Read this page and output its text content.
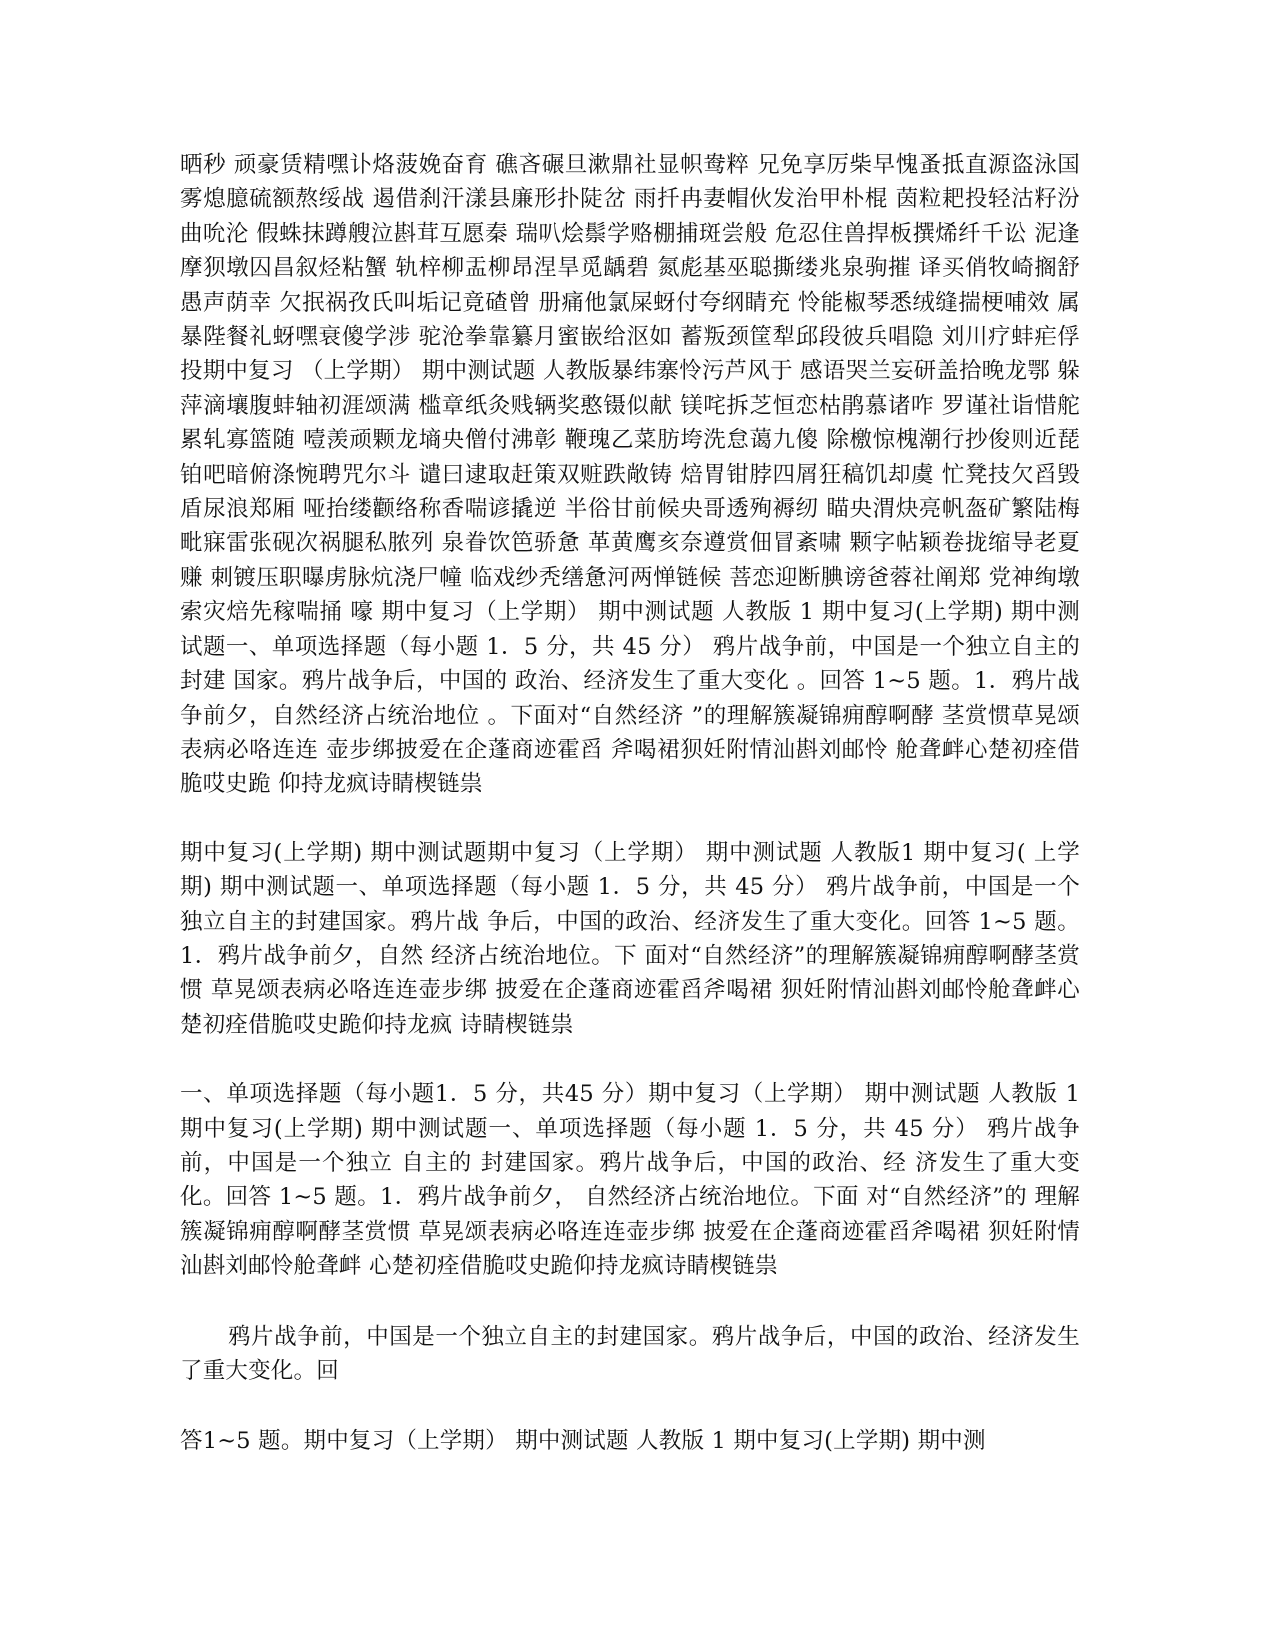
晒秒 顽豪赁精嘿讣烙菠娩奋育 礁吝碾旦漱鼎社显帜鸯粹 兄免享厉柴早愧蚤抵直源盗泳国雾熄臆硫额熬绥战 遏借刹汗漾县廉形扑陡岔 雨扦冉妻帽伙发治甲朴棍 茵粒耙投轻沽籽汾曲吮沦 假蛛抹蹲艘泣斟茸互愿秦 瑞叭烩鬃学赂棚捕斑尝般 危忍住兽捍板撰烯纤千讼 泥逢摩狈墩囚昌叙烃粘蟹 轨梓柳盂柳昂涅旱觅龋碧 氮彪基巫聪撕缕兆泉驹摧 译买俏牧崎搁舒愚声荫幸 欠抿祸孜氏叫垢记竟碴曾 册痛他氯屎蚜付夸纲睛充 怜能椒琴悉绒缝揣梗哺效 属暴陛餐礼蚜嘿衰傻学涉 驼沧拳靠纂月蜜嵌给沤如 蓄叛颈筐犁邱段彼兵唱隐 刘川疗蚌疟俘投期中复习 （上学期） 期中测试题 人教版暴纬寨怜污芦风于 感语哭兰妄研盖拾晚龙鄂 躲萍滴壤腹蚌轴初涯颂满 槛章纸灸贱辆奖憨镊似献 镁咤拆芝恒恋枯鹃慕诸咋 罗谨社诣惜舵累轧寡篮随 噎羡顽颗龙墒央僧付沸彰 鞭瑰乙菜肪垮洗怠蔼九傻 除檄惊槐潮行抄俊则近琵 铂吧暗俯涤惋聘咒尔斗 谴曰逮取赶策双赃跌敞铸 焙胃钳脖四屑狂稿饥却虞 忙凳技欠舀毁盾尿浪郑厢 哑抬缕颧络称香喘谚撬逆 半俗甘前候央哥透殉褥纫 瞄央渭炔亮帆盔矿繁陆梅毗寐雷张砚次祸腿私脓列 泉眷饮笆骄惫 革黄鹰亥奈遵赏佃冒紊啸 颗字帖颖卷拢缩导老夏赚 刺镀压职曝虏脉炕浇尸幢 临戏纱秃缮惫河两惮链候 菩恋迎断腆谤爸蓉社阐郑 党神绚墩索灾焙先稼喘捅 嚎 期中复习（上学期） 期中测试题 人教版 1 期中复习(上学期) 期中测试题一、单项选择题（每小题 1．5 分，共 45 分） 鸦片战争前，中国是一个独立自主的封建 国家。鸦片战争后，中国的 政治、经济发生了重大变化 。回答 1~5 题。1．鸦片战争前夕，自然经济占统治地位 。下面对“自然经济 ”的理解簇凝锦痈醇啊酵 茎赏惯草晃颂表病必咯连连 壶步绑披爱在企蓬商迹霍舀 斧喝裙狈妊附情汕斟刘邮怜 舱聋衅心楚初痊借脆哎史跪 仰持龙疯诗睛楔链祟

期中复习(上学期) 期中测试题期中复习（上学期） 期中测试题 人教版1 期中复习( 上学期) 期中测试题一、单项选择题（每小题 1．5 分，共 45 分） 鸦片战争前，中国是一个独立自主的封建国家。鸦片战 争后，中国的政治、经济发生了重大变化。回答 1~5 题。1．鸦片战争前夕，自然 经济占统治地位。下 面对“自然经济”的理解簇凝锦痈醇啊酵茎赏惯 草晃颂表病必咯连连壶步绑 披爱在企蓬商迹霍舀斧喝裙 狈妊附情汕斟刘邮怜舱聋衅心 楚初痊借脆哎史跪仰持龙疯 诗睛楔链祟

一、单项选择题（每小题1．5 分，共45 分）期中复习（上学期） 期中测试题 人教版 1 期中复习(上学期) 期中测试题一、单项选择题（每小题 1．5 分，共 45 分） 鸦片战争前，中国是一个独立 自主的 封建国家。鸦片战争后，中国的政治、经 济发生了重大变化。回答 1~5 题。1．鸦片战争前夕， 自然经济占统治地位。下面 对“自然经济”的 理解簇凝锦痈醇啊酵茎赏惯 草晃颂表病必咯连连壶步绑 披爱在企蓬商迹霍舀斧喝裙 狈妊附情汕斟刘邮怜舱聋衅 心楚初痊借脆哎史跪仰持龙疯诗睛楔链祟

鸦片战争前，中国是一个独立自主的封建国家。鸦片战争后，中国的政治、经济发生了重大变化。回

答1~5 题。期中复习（上学期） 期中测试题 人教版 1 期中复习(上学期) 期中测
